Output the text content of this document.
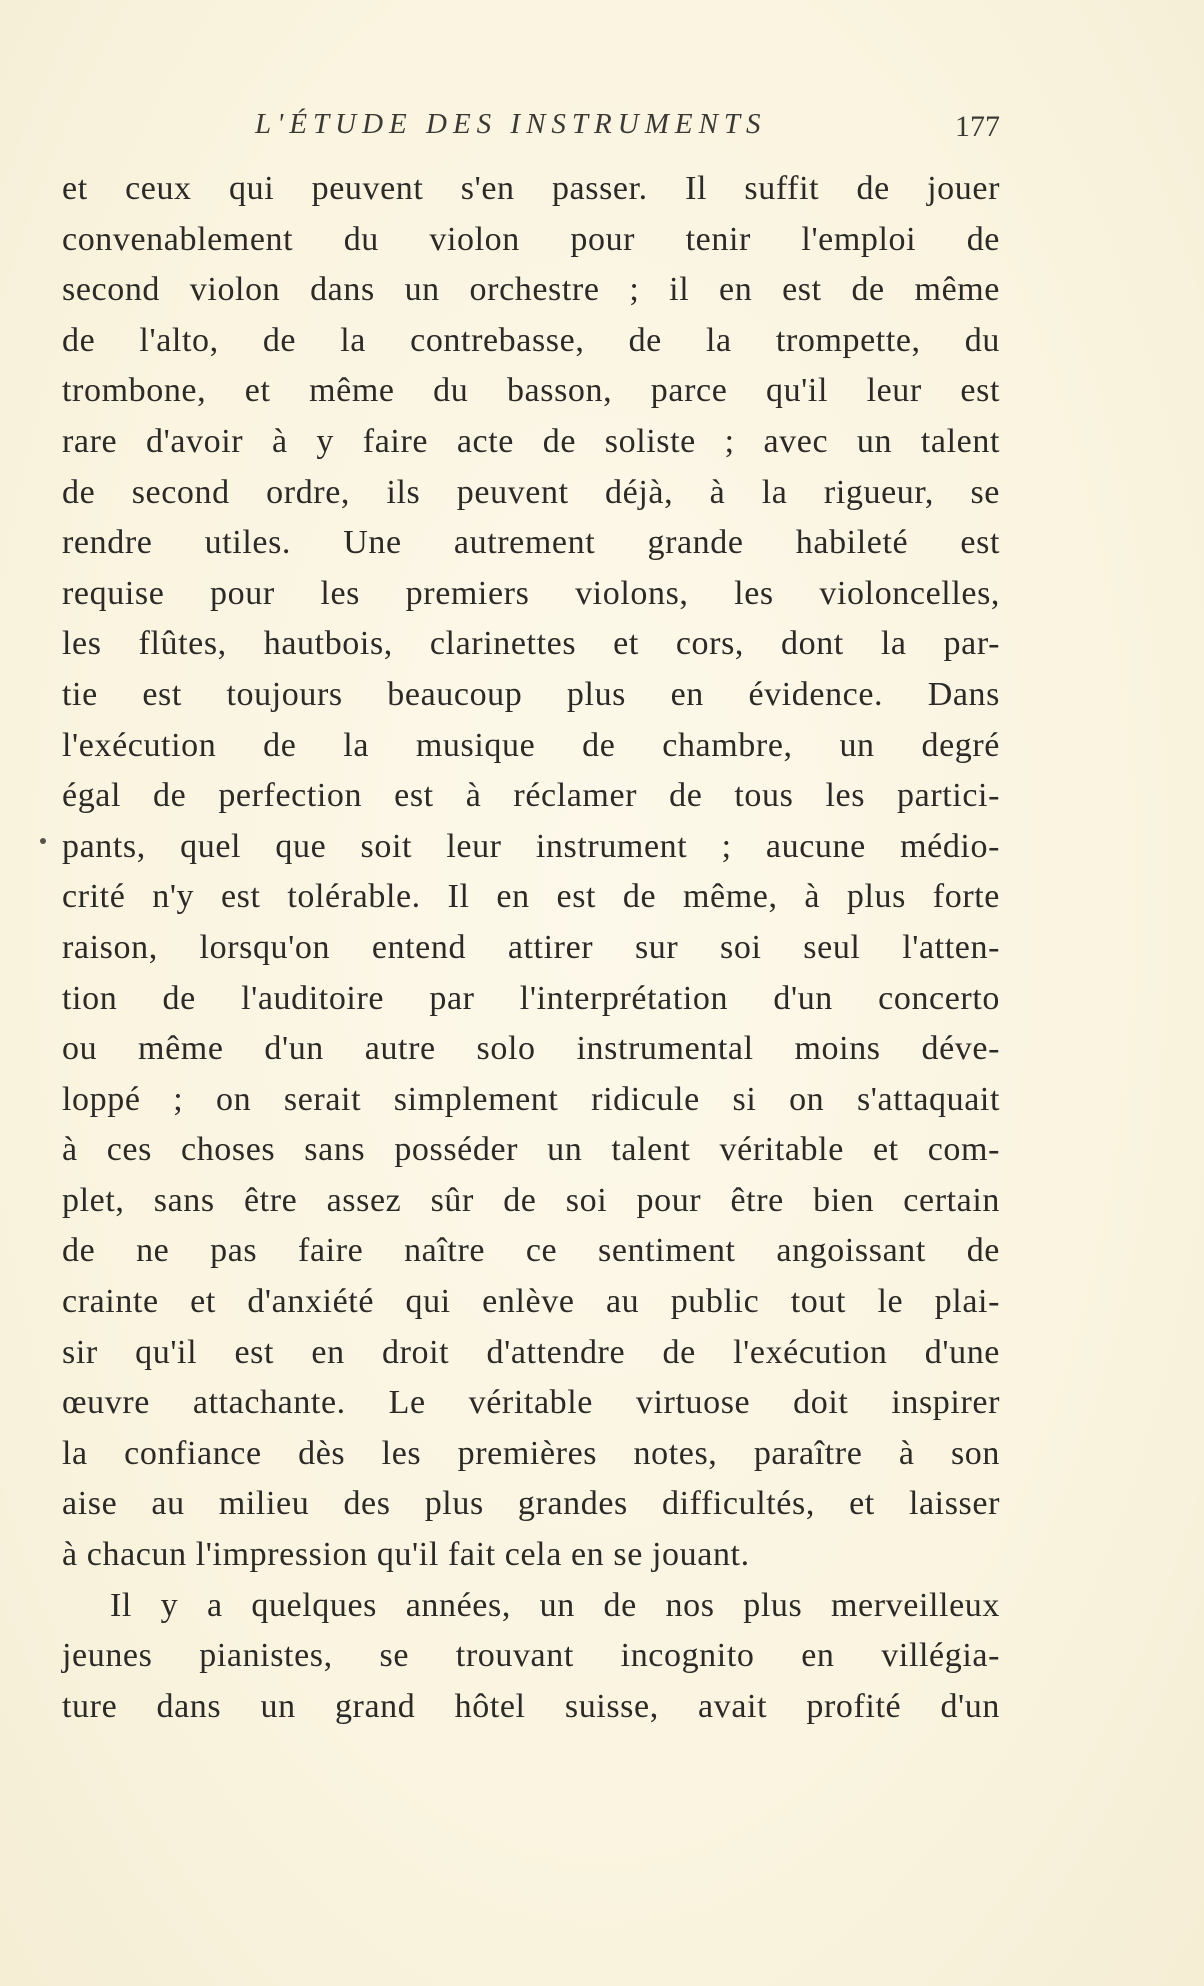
L'ÉTUDE DES INSTRUMENTS	177
et ceux qui peuvent s'en passer. Il suffit de jouer
convenablement du violon pour tenir l'emploi de
second violon dans un orchestre ; il en est de même
de l'alto, de la contrebasse, de la trompette, du
trombone, et même du basson, parce qu'il leur est
rare d'avoir à y faire acte de soliste ; avec un talent
de second ordre, ils peuvent déjà, à la rigueur, se
rendre utiles. Une autrement grande habileté est
requise pour les premiers violons, les violoncelles,
les flûtes, hautbois, clarinettes et cors, dont la par-
tie est toujours beaucoup plus en évidence. Dans
l'exécution de la musique de chambre, un degré
égal de perfection est à réclamer de tous les partici-
pants, quel que soit leur instrument ; aucune médio-
crité n'y est tolérable. Il en est de même, à plus forte
raison, lorsqu'on entend attirer sur soi seul l'atten-
tion de l'auditoire par l'interprétation d'un concerto
ou même d'un autre solo instrumental moins déve-
loppé ; on serait simplement ridicule si on s'attaquait
à ces choses sans posséder un talent véritable et com-
plet, sans être assez sûr de soi pour être bien certain
de ne pas faire naître ce sentiment angoissant de
crainte et d'anxiété qui enlève au public tout le plai-
sir qu'il est en droit d'attendre de l'exécution d'une
œuvre attachante. Le véritable virtuose doit inspirer
la confiance dès les premières notes, paraître à son
aise au milieu des plus grandes difficultés, et laisser
à chacun l'impression qu'il fait cela en se jouant.
Il y a quelques années, un de nos plus merveilleux
jeunes pianistes, se trouvant incognito en villégia-
ture dans un grand hôtel suisse, avait profité d'un
